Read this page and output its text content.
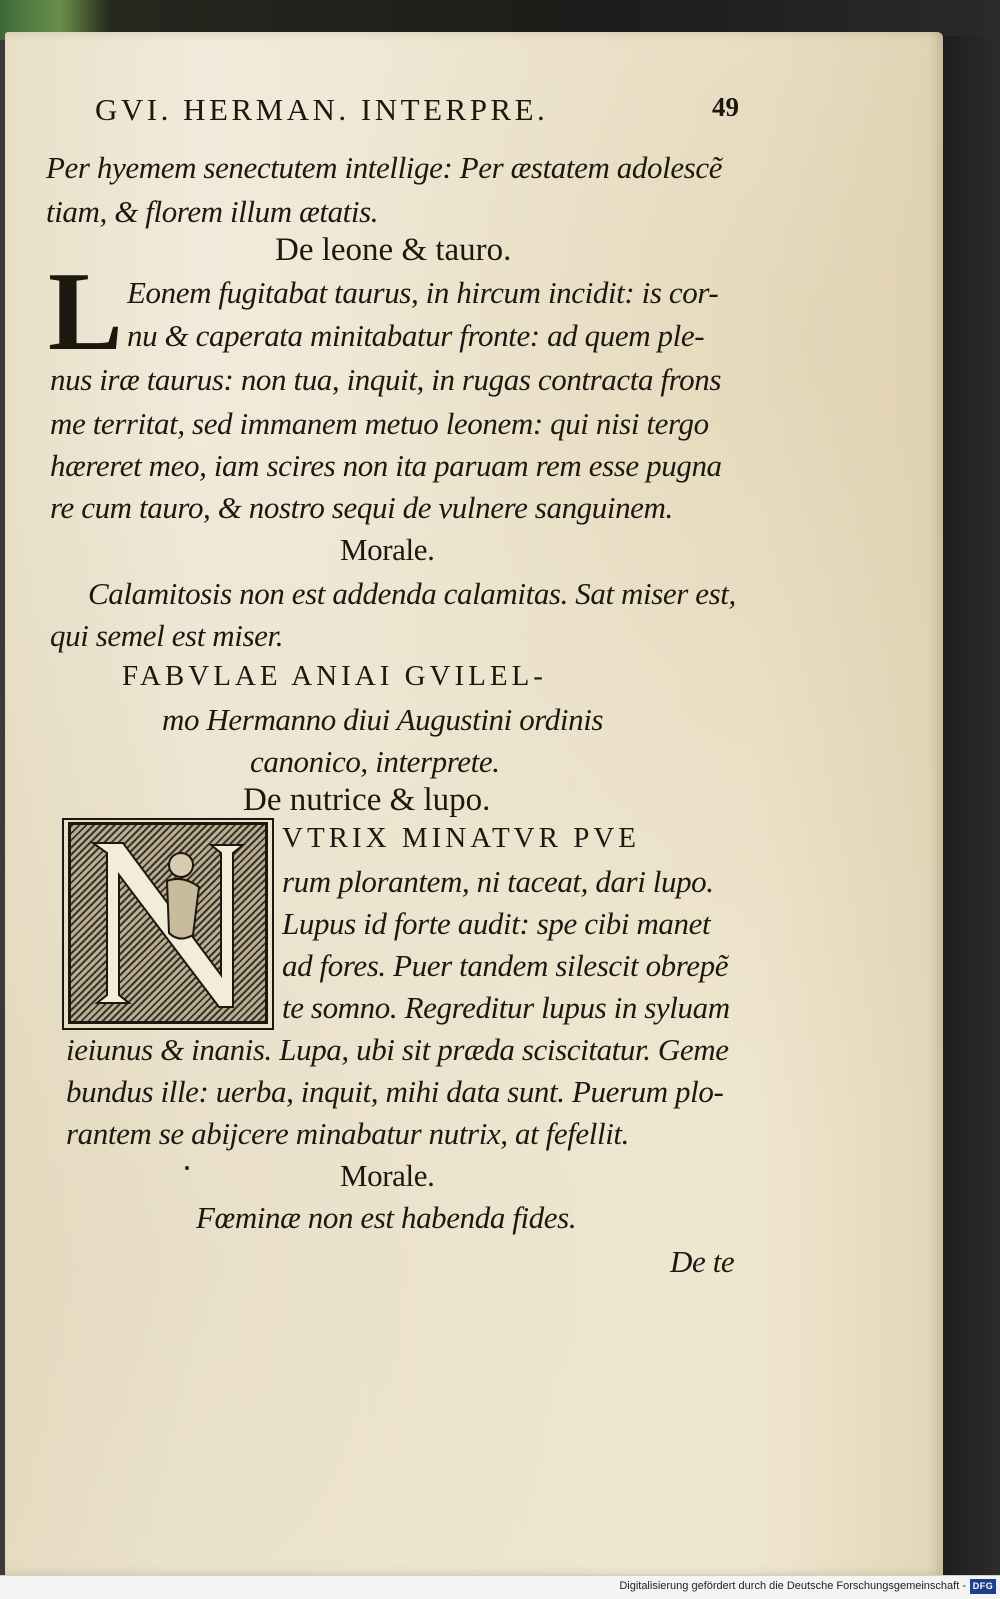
GVI. HERMAN. INTERPRE.	49
Per hyemem senectutem intellige: Per æstatem adolescẽ
tiam, & florem illum ætatis.
De leone & tauro.
L Eonem fugitabat taurus, in hircum incidit: is cor-
nu & caperata minitabatur fronte: ad quem ple-
nus iræ taurus: non tua, inquit, in rugas contracta frons
me territat, sed immanem metuo leonem: qui nisi tergo
hæreret meo, iam scires non ita paruam rem esse pugna
re cum tauro, & nostro sequi de vulnere sanguinem.
Morale.
Calamitosis non est addenda calamitas. Sat miser est,
qui semel est miser.
FABVLAE ANIAI GVILEL-
mo Hermanno diui Augustini ordinis
canonico, interprete.
De nutrice & lupo.
VTRIX MINATVR PVE
rum plorantem, ni taceat, dari lupo.
Lupus id forte audit: spe cibi manet
ad fores. Puer tandem silescit obrepẽ
te somno. Regreditur lupus in syluam
ieiunus & inanis. Lupa, ubi sit præda sciscitatur. Geme
bundus ille: uerba, inquit, mihi data sunt. Puerum plo-
rantem se abijcere minabatur nutrix, at fefellit.
Morale.
Fœminæ non est habenda fides.
De te
Digitalisierung gefördert durch die Deutsche Forschungsgemeinschaft - DFG
